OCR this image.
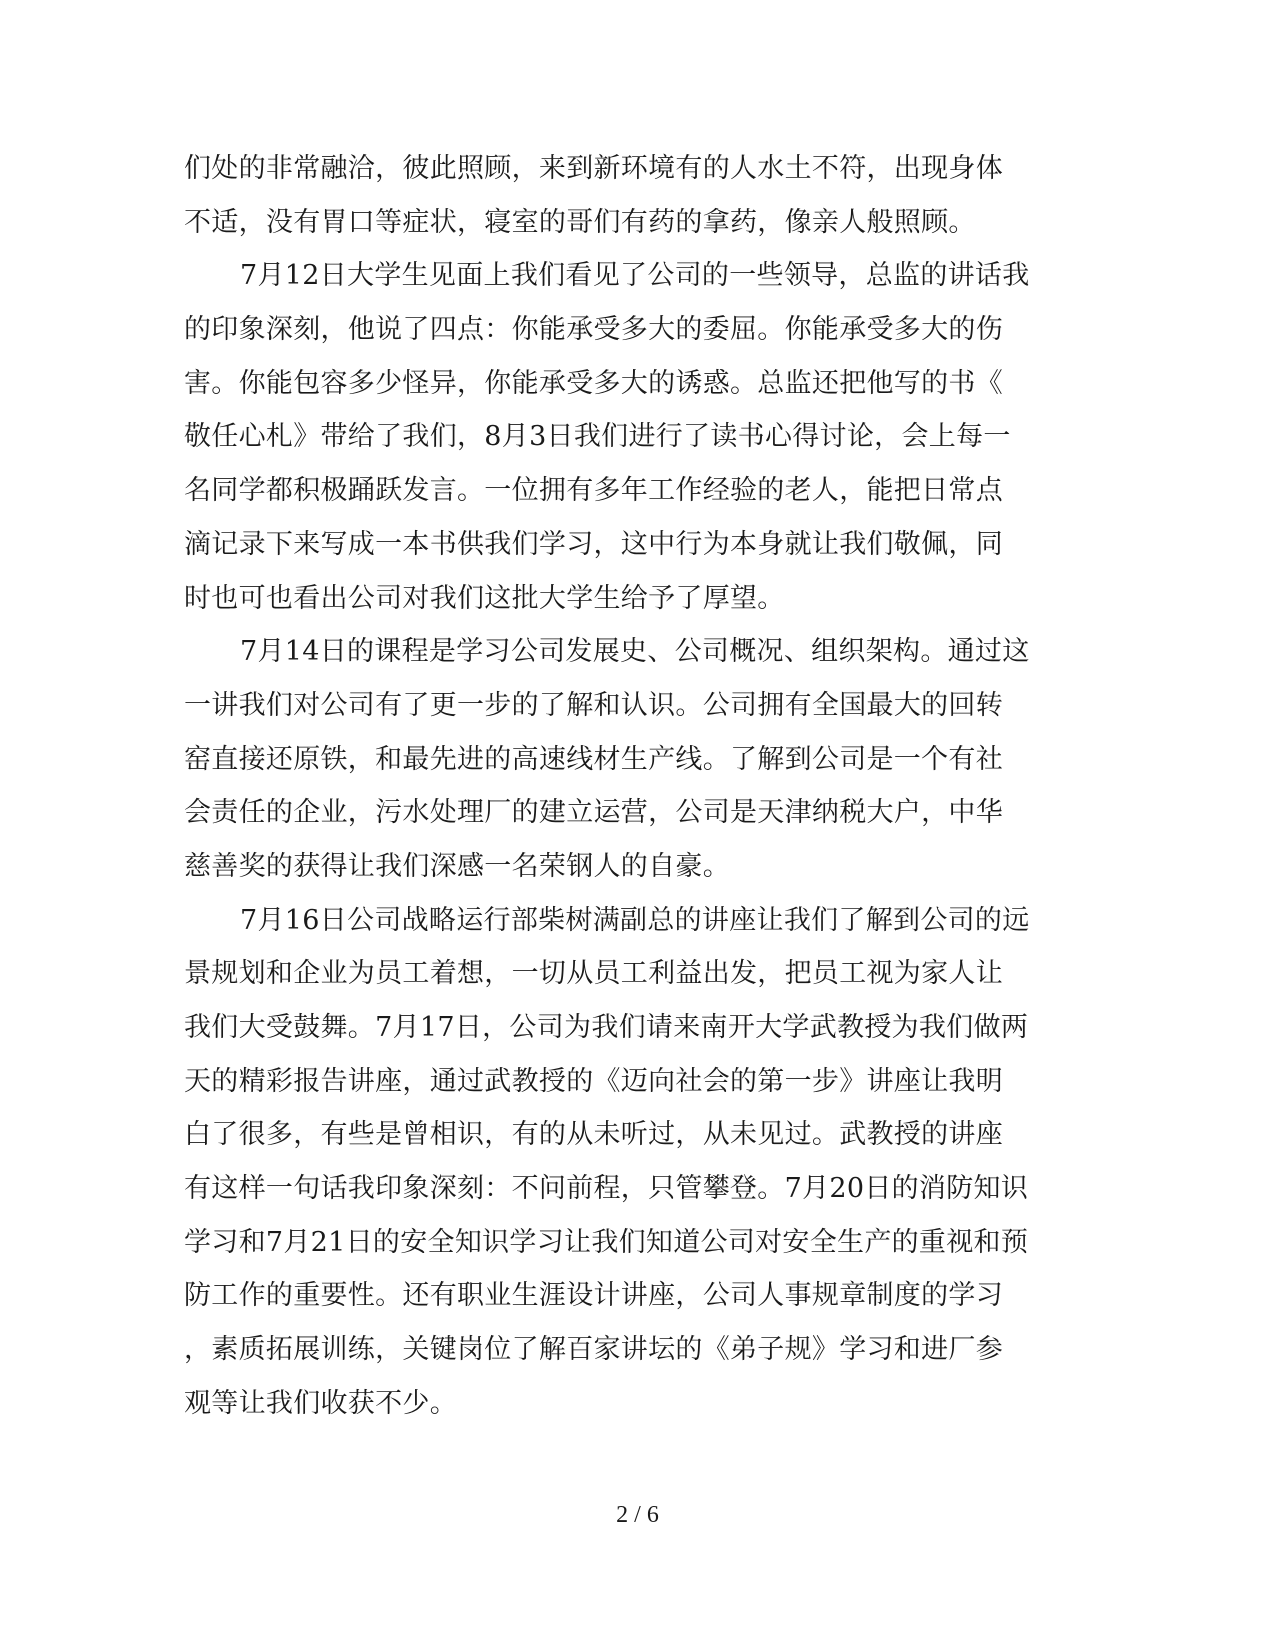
们处的非常融洽，彼此照顾，来到新环境有的人水土不符，出现身体
不适，没有胃口等症状，寝室的哥们有药的拿药，像亲人般照顾。
7月12日大学生见面上我们看见了公司的一些领导，总监的讲话我
的印象深刻，他说了四点：你能承受多大的委屈。你能承受多大的伤
害。你能包容多少怪异，你能承受多大的诱惑。总监还把他写的书《
敬任心札》带给了我们，8月3日我们进行了读书心得讨论，会上每一
名同学都积极踊跃发言。一位拥有多年工作经验的老人，能把日常点
滴记录下来写成一本书供我们学习，这中行为本身就让我们敬佩，同
时也可也看出公司对我们这批大学生给予了厚望。
7月14日的课程是学习公司发展史、公司概况、组织架构。通过这
一讲我们对公司有了更一步的了解和认识。公司拥有全国最大的回转
窑直接还原铁，和最先进的高速线材生产线。了解到公司是一个有社
会责任的企业，污水处理厂的建立运营，公司是天津纳税大户，中华
慈善奖的获得让我们深感一名荣钢人的自豪。
7月16日公司战略运行部柴树满副总的讲座让我们了解到公司的远
景规划和企业为员工着想，一切从员工利益出发，把员工视为家人让
我们大受鼓舞。7月17日，公司为我们请来南开大学武教授为我们做两
天的精彩报告讲座，通过武教授的《迈向社会的第一步》讲座让我明
白了很多，有些是曾相识，有的从未听过，从未见过。武教授的讲座
有这样一句话我印象深刻：不问前程，只管攀登。7月20日的消防知识
学习和7月21日的安全知识学习让我们知道公司对安全生产的重视和预
防工作的重要性。还有职业生涯设计讲座，公司人事规章制度的学习
，素质拓展训练，关键岗位了解百家讲坛的《弟子规》学习和进厂参
观等让我们收获不少。
2 / 6
